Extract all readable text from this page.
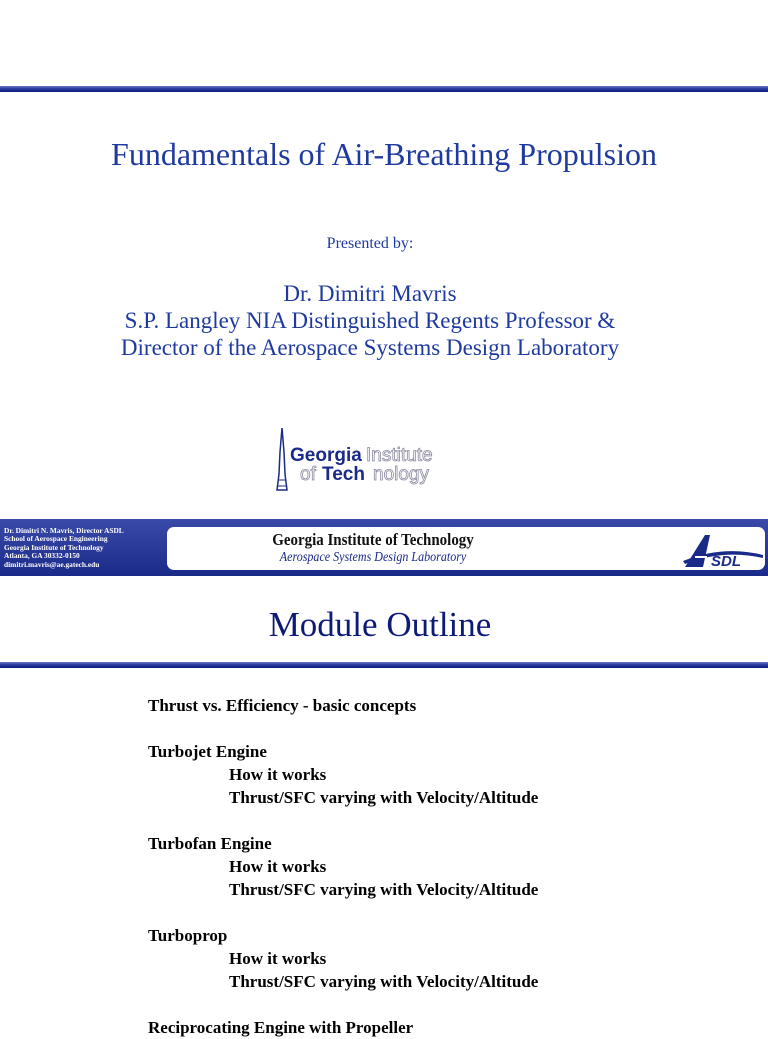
Fundamentals of Air-Breathing Propulsion
Presented by:
Dr. Dimitri Mavris
S.P. Langley NIA Distinguished Regents Professor &
Director of the Aerospace Systems Design Laboratory
Georgia Institute
of Tech nology
Dr. Dimitri N. Mavris, Director ASDL
School of Aerospace Engineering
Georgia Institute of Technology
Atlanta, GA 30332-0150
dimitri.mavris@ae.gatech.edu
Georgia Institute of Technology
Aerospace Systems Design Laboratory	SDL
Module Outline
Thrust vs. Efficiency - basic concepts
Turbojet Engine
How it works
Thrust/SFC varying with Velocity/Altitude
Turbofan Engine
How it works
Thrust/SFC varying with Velocity/Altitude
Turboprop
How it works
Thrust/SFC varying with Velocity/Altitude
Reciprocating Engine with Propeller
